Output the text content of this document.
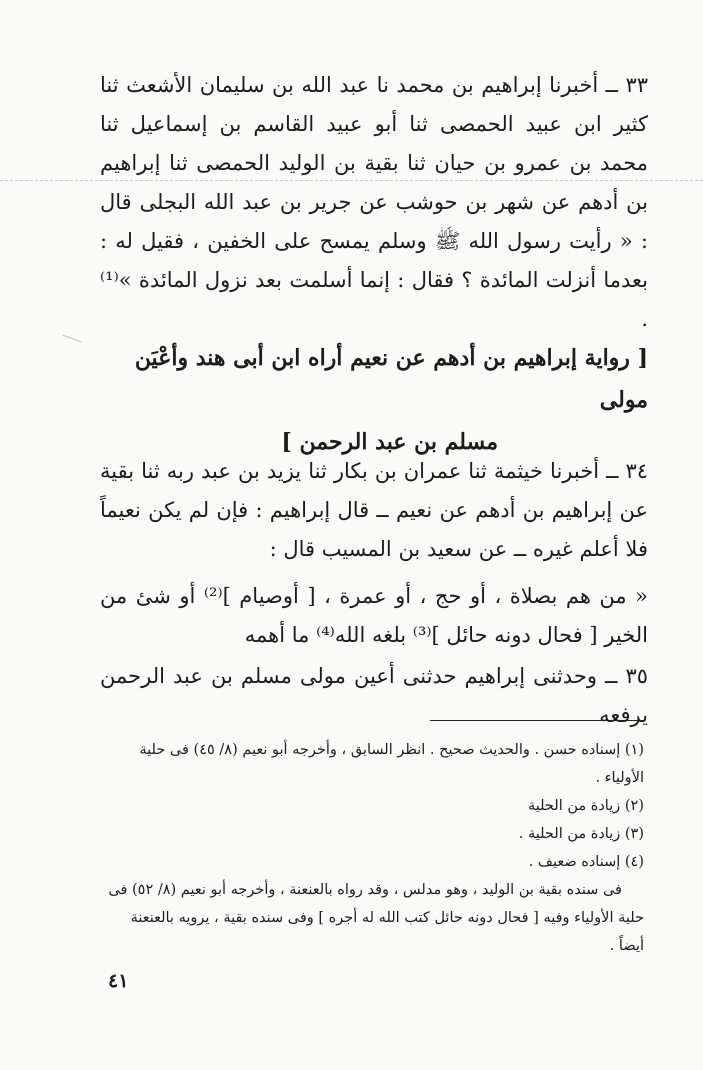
٣٣ ــ أخبرنا إبراهيم بن محمد نا عبد الله بن سليمان الأشعث ثنا كثير ابن عبيد الحمصى ثنا أبو عبيد القاسم بن إسماعيل ثنا محمد بن عمرو بن حيان ثنا بقية بن الوليد الحمصى ثنا إبراهيم بن أدهم عن شهر بن حوشب عن جرير بن عبد الله البجلى قال : « رأيت رسول الله ﷺ وسلم يمسح على الخفين ، فقيل له : بعدما أنزلت المائدة ؟ فقال : إنما أسلمت بعد نزول المائدة »⁽¹⁾ .
[ رواية إبراهيم بن أدهم عن نعيم أراه ابن أبى هند وأعْيَن مولى
مسلم بن عبد الرحمن ]

٣٤ ــ أخبرنا خيثمة ثنا عمران بن بكار ثنا يزيد بن عبد ربه ثنا بقية عن إبراهيم بن أدهم عن نعيم ــ قال إبراهيم : فإن لم يكن نعيماً فلا أعلم غيره ــ عن سعيد بن المسيب قال :

« من هم بصلاة ، أو حج ، أو عمرة ، [ أوصيام ]⁽²⁾ أو شئ من الخير [ فحال دونه حائل ]⁽³⁾ بلغه الله⁽⁴⁾ ما أهمه

٣٥ ــ وحدثنى إبراهيم حدثنى أعين مولى مسلم بن عبد الرحمن يرفعه

(١) إسناده حسن . والحديث صحيح . انظر السابق ، وأخرجه أبو نعيم (٨/ ٤٥) فى حلية الأولياء .

(٢) زيادة من الحلية

(٣) زيادة من الحلية .

(٤) إسناده ضعيف .

فى سنده بقية بن الوليد ، وهو مدلس ، وقد رواه بالعنعنة ، وأخرجه أبو نعيم (٨/ ٥٢) فى حلية الأولياء وفيه [ فحال دونه حائل كتب الله له أجره ] وفى سنده بقية ، يرويه بالعنعنة أيضاً .

٤١
